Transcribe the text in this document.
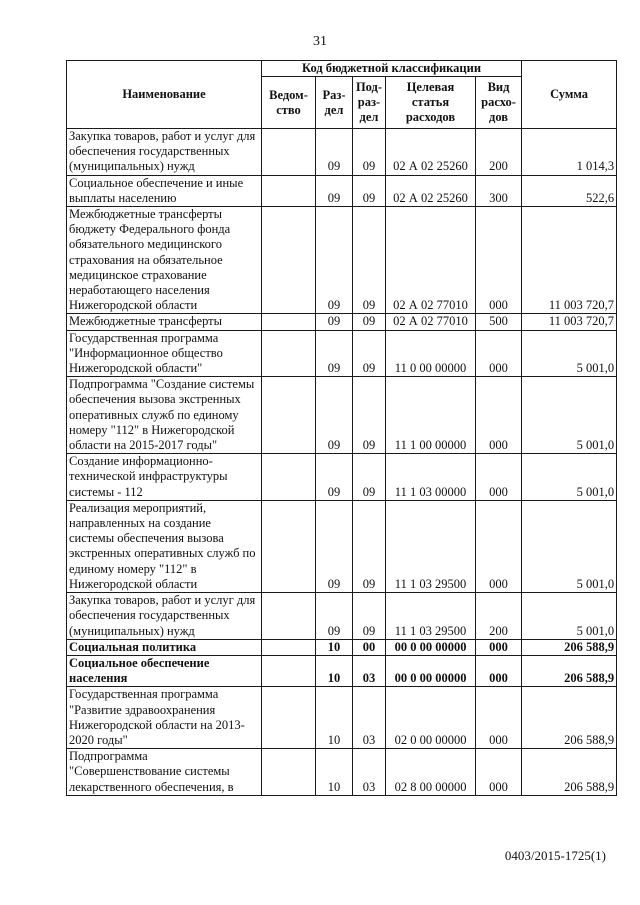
31
Наименование	Код бюджетной классификации					Сумма
	Ведом-ство	Раз-дел	Под-раз-дел	Целевая статья расходов	Вид расхо-дов	
Закупка товаров, работ и услуг для обеспечения государственных (муниципальных) нужд		09	09	02 А 02 25260	200	1 014,3
Социальное обеспечение и иные выплаты населению		09	09	02 А 02 25260	300	522,6
Межбюджетные трансферты бюджету Федерального фонда обязательного медицинского страхования на обязательное медицинское страхование неработающего населения Нижегородской области		09	09	02 А 02 77010	000	11 003 720,7
Межбюджетные трансферты		09	09	02 А 02 77010	500	11 003 720,7
Государственная программа "Информационное общество Нижегородской области"		09	09	11 0 00 00000	000	5 001,0
Подпрограмма "Создание системы обеспечения вызова экстренных оперативных служб по единому номеру "112" в Нижегородской области на 2015-2017 годы"		09	09	11 1 00 00000	000	5 001,0
Создание информационно-технической инфраструктуры системы - 112		09	09	11 1 03 00000	000	5 001,0
Реализация мероприятий, направленных на создание системы обеспечения вызова экстренных оперативных служб по единому номеру "112" в Нижегородской области		09	09	11 1 03 29500	000	5 001,0
Закупка товаров, работ и услуг для обеспечения государственных (муниципальных) нужд		09	09	11 1 03 29500	200	5 001,0
Социальная политика		10	00	00 0 00 00000	000	206 588,9
Социальное обеспечение населения		10	03	00 0 00 00000	000	206 588,9
Государственная программа "Развитие здравоохранения Нижегородской области на 2013-2020 годы"		10	03	02 0 00 00000	000	206 588,9
Подпрограмма "Совершенствование системы лекарственного обеспечения, в		10	03	02 8 00 00000	000	206 588,9
0403/2015-1725(1)
